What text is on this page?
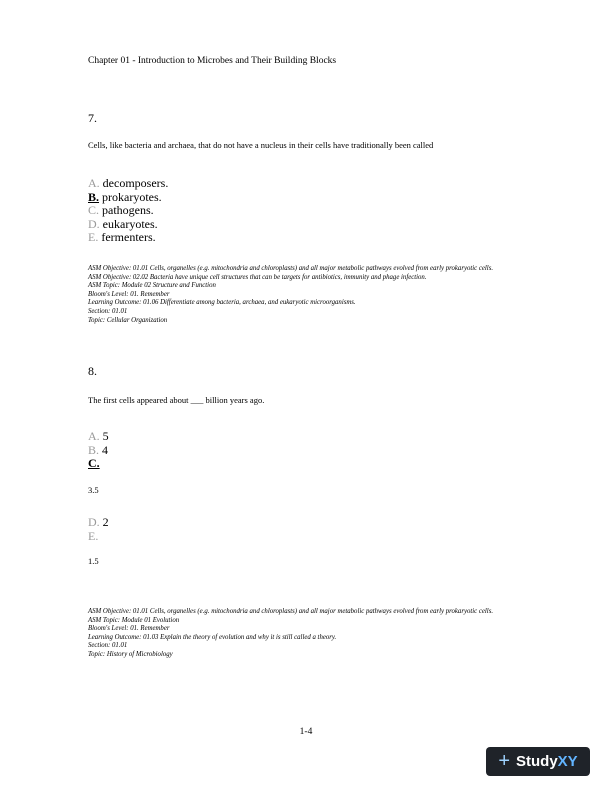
Chapter 01 - Introduction to Microbes and Their Building Blocks
7.
Cells, like bacteria and archaea, that do not have a nucleus in their cells have traditionally been called
A. decomposers.
B. prokaryotes.
C. pathogens.
D. eukaryotes.
E. fermenters.
ASM Objective: 01.01 Cells, organelles (e.g. mitochondria and chloroplasts) and all major metabolic pathways evolved from early prokaryotic cells.
ASM Objective: 02.02 Bacteria have unique cell structures that can be targets for antibiotics, immunity and phage infection.
ASM Topic: Module 02 Structure and Function
Bloom's Level: 01. Remember
Learning Outcome: 01.06 Differentiate among bacteria, archaea, and eukaryotic microorganisms.
Section: 01.01
Topic: Cellular Organization
8.
The first cells appeared about ___ billion years ago.
A. 5
B. 4
C.
3.5
D. 2
E.
1.5
ASM Objective: 01.01 Cells, organelles (e.g. mitochondria and chloroplasts) and all major metabolic pathways evolved from early prokaryotic cells.
ASM Topic: Module 01 Evolution
Bloom's Level: 01. Remember
Learning Outcome: 01.03 Explain the theory of evolution and why it is still called a theory.
Section: 01.01
Topic: History of Microbiology
1-4
+ Study XY
